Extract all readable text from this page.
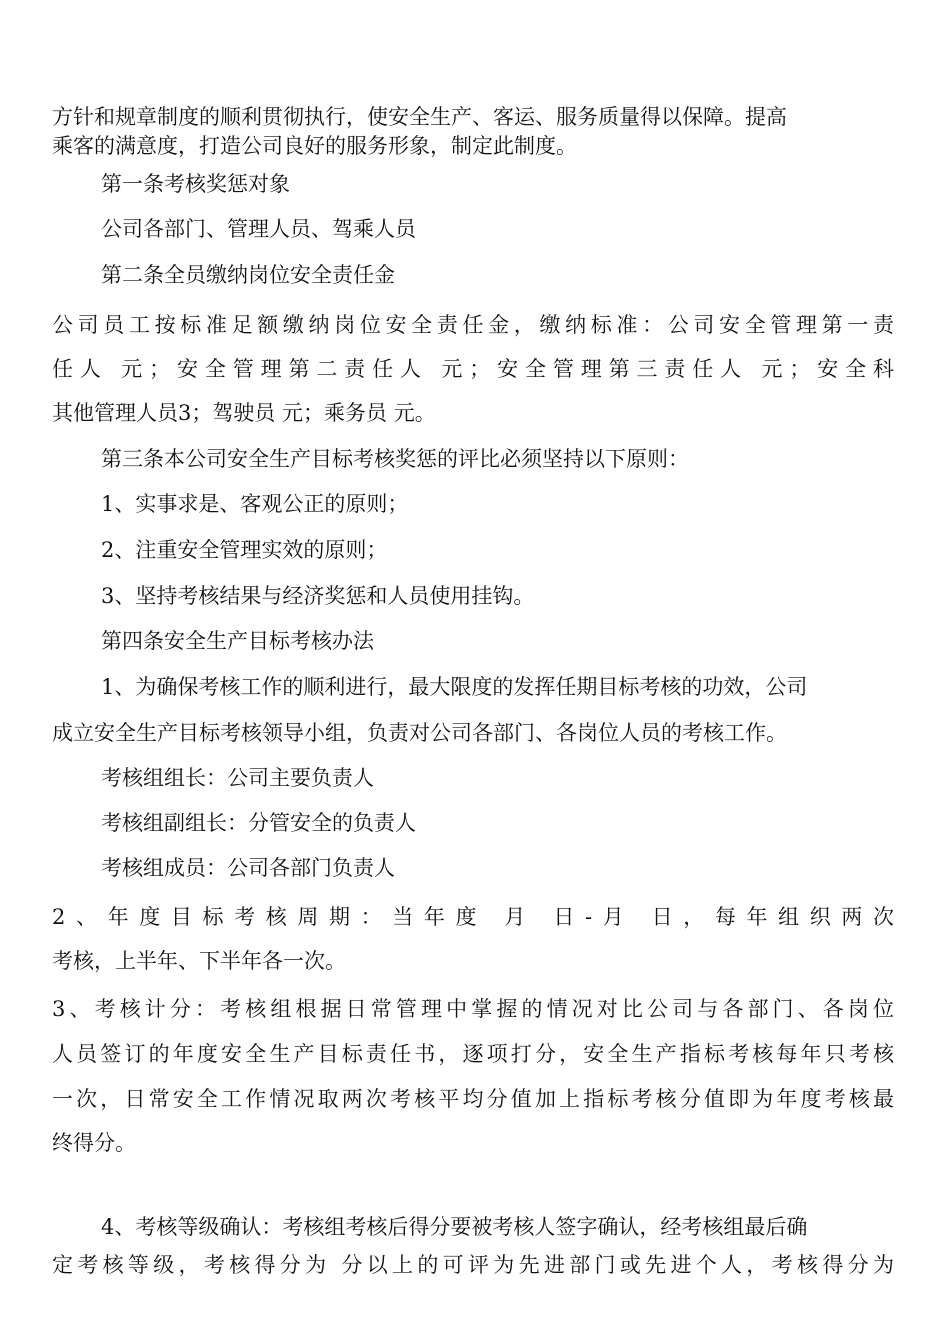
方针和规章制度的顺利贯彻执行，使安全生产、客运、服务质量得以保障。提高

乘客的满意度，打造公司良好的服务形象，制定此制度。

第一条考核奖惩对象

公司各部门、管理人员、驾乘人员

第二条全员缴纳岗位安全责任金

公司员工按标准足额缴纳岗位安全责任金，缴纳标准：公司安全管理第一责

任人 元；安全管理第二责任人 元；安全管理第三责任人 元；安全科

其他管理人员3；驾驶员 元；乘务员 元。

第三条本公司安全生产目标考核奖惩的评比必须坚持以下原则：

1、实事求是、客观公正的原则；

2、注重安全管理实效的原则；

3、坚持考核结果与经济奖惩和人员使用挂钩。

第四条安全生产目标考核办法

1、为确保考核工作的顺利进行，最大限度的发挥任期目标考核的功效，公司

成立安全生产目标考核领导小组，负责对公司各部门、各岗位人员的考核工作。

考核组组长：公司主要负责人

考核组副组长：分管安全的负责人

考核组成员：公司各部门负责人

2、年度目标考核周期：当年度 月 日-月 日，每年组织两次

考核，上半年、下半年各一次。

3、考核计分：考核组根据日常管理中掌握的情况对比公司与各部门、各岗位

人员签订的年度安全生产目标责任书，逐项打分，安全生产指标考核每年只考核

一次，日常安全工作情况取两次考核平均分值加上指标考核分值即为年度考核最

终得分。

4、考核等级确认：考核组考核后得分要被考核人签字确认，经考核组最后确

定考核等级，考核得分为 分以上的可评为先进部门或先进个人，考核得分为
